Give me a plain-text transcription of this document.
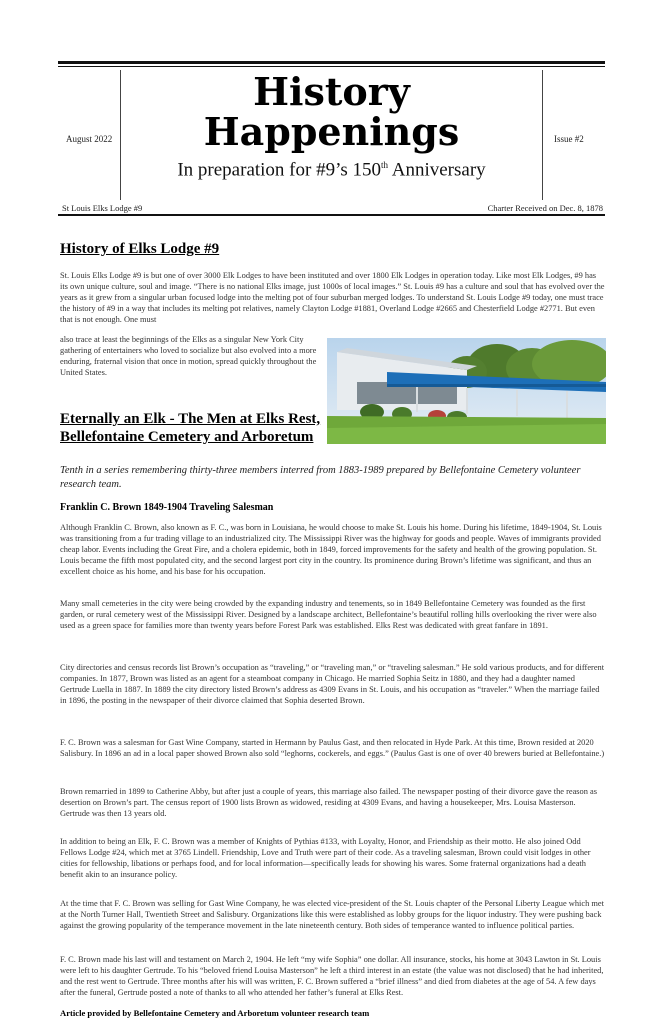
August 2022	Issue #2
History
Happenings
In preparation for #9’s 150th Anniversary
St Louis Elks Lodge #9	Charter Received on Dec. 8, 1878
History of Elks Lodge #9

St. Louis Elks Lodge #9 is but one of over 3000 Elk Lodges to have been instituted and over 1800 Elk Lodges in operation today. Like most Elk Lodges, #9 has its own unique culture, soul and image. “There is no national Elks image, just 1000s of local images.” St. Louis #9 has a culture and soul that has evolved over the years as it grew from a singular urban focused lodge into the melting pot of four suburban merged lodges. To understand St. Louis Lodge #9 today, one must trace the history of #9 in a way that includes its melting pot relatives, namely Clayton Lodge #1881, Overland Lodge #2665 and Chesterfield Lodge #2771. But even that is not enough. One must

also trace at least the beginnings of the Elks as a singular New York City gathering of entertainers who loved to socialize but also evolved into a more enduring, fraternal vision that once in motion, spread quickly throughout the United States.

Eternally an Elk - The Men at Elks Rest,
Bellefontaine Cemetery and Arboretum

Tenth in a series remembering thirty-three members interred from 1883-1989 prepared by Bellefontaine Cemetery volunteer research team.

Franklin C. Brown 1849-1904 Traveling Salesman

Although Franklin C. Brown, also known as F. C., was born in Louisiana, he would choose to make St. Louis his home. During his lifetime, 1849-1904, St. Louis was transitioning from a fur trading village to an industrialized city. The Mississippi River was the highway for goods and people. Waves of immigrants provided cheap labor. Events including the Great Fire, and a cholera epidemic, both in 1849, forced improvements for the safety and health of the growing population. St. Louis became the fifth most populated city, and the second largest port city in the country. Its prominence during Brown’s lifetime was significant, and thus an excellent choice as his home, and his base for his occupation.

Many small cemeteries in the city were being crowded by the expanding industry and tenements, so in 1849 Bellefontaine Cemetery was founded as the first garden, or rural cemetery west of the Mississippi River. Designed by a landscape architect, Bellefontaine’s beautiful rolling hills overlooking the river were also used as a green space for families more than twenty years before Forest Park was established. Elks Rest was dedicated with great fanfare in 1891.

City directories and census records list Brown’s occupation as “traveling,” or “traveling man,” or “traveling salesman.” He sold various products, and for different companies. In 1877, Brown was listed as an agent for a steamboat company in Chicago. He married Sophia Seitz in 1880, and they had a daughter named Gertrude Luella in 1887. In 1889 the city directory listed Brown’s address as 4309 Evans in St. Louis, and his occupation as “traveler.” When the marriage failed in 1896, the posting in the newspaper of their divorce claimed that Sophia deserted Brown.

F. C. Brown was a salesman for Gast Wine Company, started in Hermann by Paulus Gast, and then relocated in Hyde Park. At this time, Brown resided at 2020 Salisbury. In 1896 an ad in a local paper showed Brown also sold “leghorns, cockerels, and eggs.” (Paulus Gast is one of over 40 brewers buried at Bellefontaine.)

Brown remarried in 1899 to Catherine Abby, but after just a couple of years, this marriage also failed. The newspaper posting of their divorce gave the reason as desertion on Brown’s part. The census report of 1900 lists Brown as widowed, residing at 4309 Evans, and having a housekeeper, Mrs. Louisa Masterson. Gertrude was then 13 years old.

In addition to being an Elk, F. C. Brown was a member of Knights of Pythias #133, with Loyalty, Honor, and Friendship as their motto. He also joined Odd Fellows Lodge #24, which met at 3765 Lindell. Friendship, Love and Truth were part of their code. As a traveling salesman, Brown could visit lodges in other cities for fellowship, libations or perhaps food, and for local information—specifically leads for showing his wares. Some fraternal organizations had a death benefit akin to an insurance policy.

At the time that F. C. Brown was selling for Gast Wine Company, he was elected vice-president of the St. Louis chapter of the Personal Liberty League which met at the North Turner Hall, Twentieth Street and Salisbury. Organizations like this were established as lobby groups for the liquor industry. They were pushing back against the growing popularity of the temperance movement in the late nineteenth century. Both sides of temperance wanted to influence political parties.

F. C. Brown made his last will and testament on March 2, 1904. He left “my wife Sophia” one dollar. All insurance, stocks, his home at 3043 Lawton in St. Louis were left to his daughter Gertrude. To his “beloved friend Louisa Masterson” he left a third interest in an estate (the value was not disclosed) that he had inherited, and the rest went to Gertrude. Three months after his will was written, F. C. Brown suffered a “brief illness” and died from diabetes at the age of 54. A few days after the funeral, Gertrude posted a note of thanks to all who attended her father’s funeral at Elks Rest.

Article provided by Bellefontaine Cemetery and Arboretum volunteer research team
